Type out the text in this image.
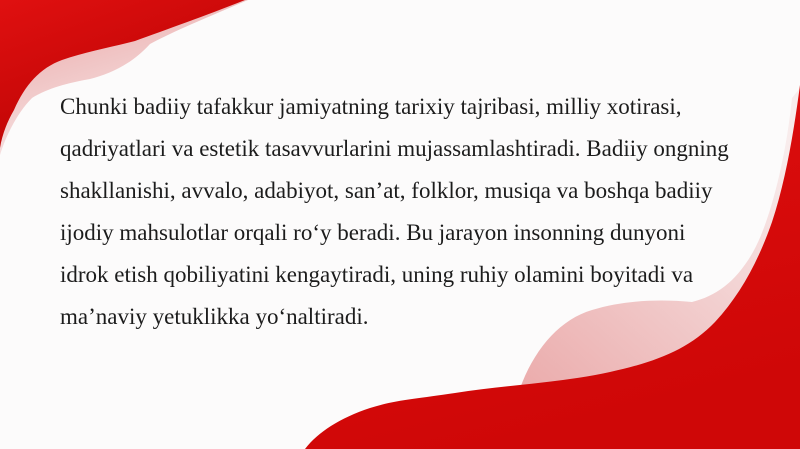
Chunki badiiy tafakkur jamiyatning tarixiy tajribasi, milliy xotirasi,
qadriyatlari va estetik tasavvurlarini mujassamlashtiradi. Badiiy ongning
shakllanishi, avvalo, adabiyot, san’at, folklor, musiqa va boshqa badiiy
ijodiy mahsulotlar orqali ro‘y beradi. Bu jarayon insonning dunyoni
idrok etish qobiliyatini kengaytiradi, uning ruhiy olamini boyitadi va
ma’naviy yetuklikka yo‘naltiradi.
